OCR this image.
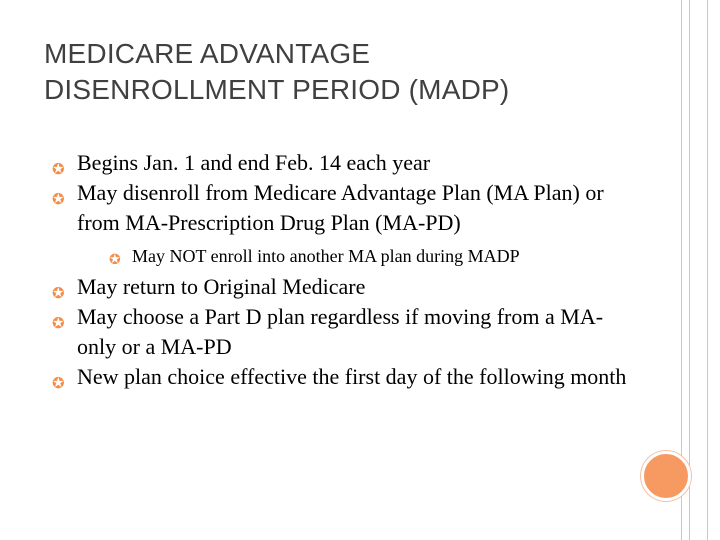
MEDICARE ADVANTAGE
DISENROLLMENT PERIOD (MADP)
✪ Begins Jan. 1 and end Feb. 14 each year
✪ May disenroll from Medicare Advantage Plan (MA Plan) or from MA-Prescription Drug Plan (MA-PD)
✪ May NOT enroll into another MA plan during MADP
✪ May return to Original Medicare
✪ May choose a Part D plan regardless if moving from a MA-only or a MA-PD
✪ New plan choice effective the first day of the following month
